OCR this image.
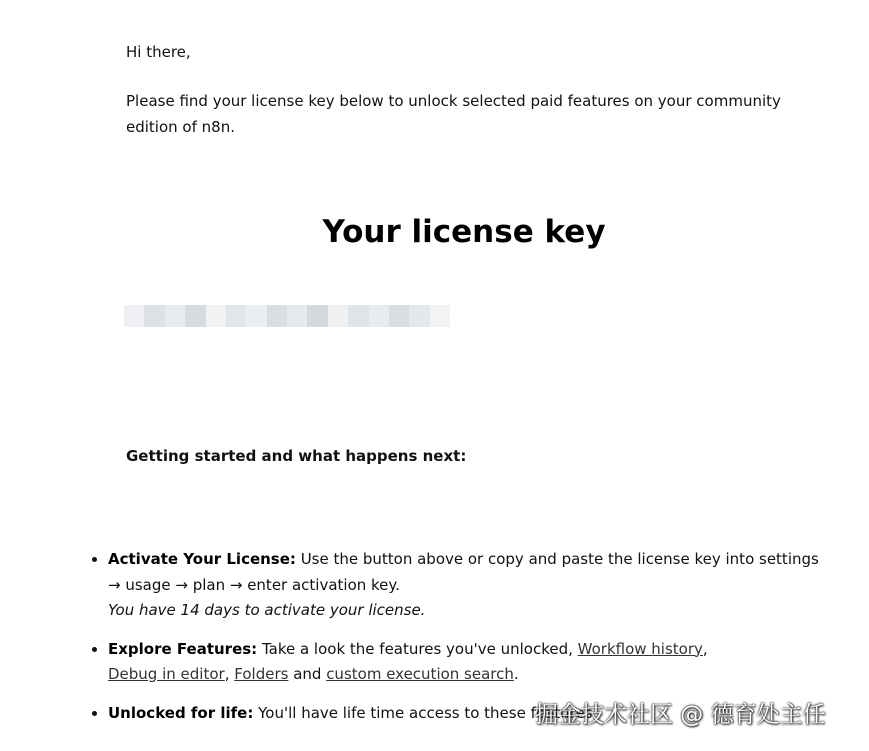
Hi there,
Please find your license key below to unlock selected paid features on your community edition of n8n.
Your license key
Getting started and what happens next:
• Activate Your License: Use the button above or copy and paste the license key into settings → usage → plan → enter activation key.
You have 14 days to activate your license.
• Explore Features: Take a look the features you've unlocked, Workflow history,
Debug in editor, Folders and custom execution search.
• Unlocked for life: You'll have life time access to these features
掘金技术社区 @ 德育处主任
